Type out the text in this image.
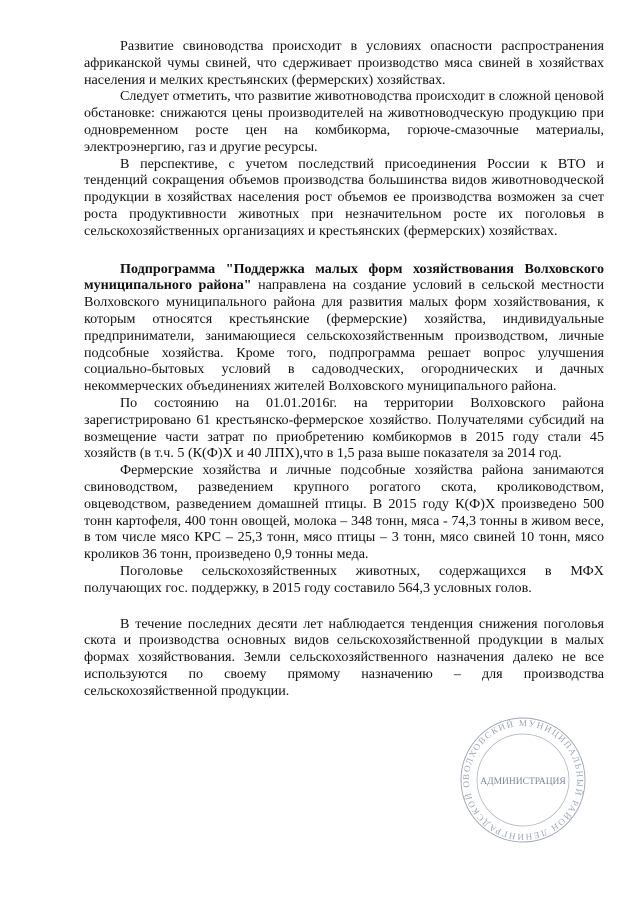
Развитие свиноводства происходит в условиях опасности распространения африканской чумы свиней, что сдерживает производство мяса свиней в хозяйствах населения и мелких крестьянских (фермерских) хозяйствах.

Следует отметить, что развитие животноводства происходит в сложной ценовой обстановке: снижаются цены производителей на животноводческую продукцию при одновременном росте цен на комбикорма, горюче-смазочные материалы, электроэнергию, газ и другие ресурсы.

В перспективе, с учетом последствий присоединения России к ВТО и тенденций сокращения объемов производства большинства видов животноводческой продукции в хозяйствах населения рост объемов ее производства возможен за счет роста продуктивности животных при незначительном росте их поголовья в сельскохозяйственных организациях и крестьянских (фермерских) хозяйствах.

Подпрограмма "Поддержка малых форм хозяйствования Волховского муниципального района" направлена на создание условий в сельской местности Волховского муниципального района для развития малых форм хозяйствования, к которым относятся крестьянские (фермерские) хозяйства, индивидуальные предприниматели, занимающиеся сельскохозяйственным производством, личные подсобные хозяйства. Кроме того, подпрограмма решает вопрос улучшения социально-бытовых условий в садоводческих, огороднических и дачных некоммерческих объединениях жителей Волховского муниципального района.

По состоянию на 01.01.2016г. на территории Волховского района зарегистрировано 61 крестьянско-фермерское хозяйство. Получателями субсидий на возмещение части затрат по приобретению комбикормов в 2015 году стали 45 хозяйств (в т.ч. 5 (К(Ф)Х и 40 ЛПХ),что в 1,5 раза выше показателя за 2014 год.

Фермерские хозяйства и личные подсобные хозяйства района занимаются свиноводством, разведением крупного рогатого скота, кролиководством, овцеводством, разведением домашней птицы. В 2015 году К(Ф)Х произведено 500 тонн картофеля, 400 тонн овощей, молока – 348 тонн, мяса - 74,3 тонны в живом весе, в том числе мясо КРС – 25,3 тонн, мясо птицы – 3 тонн, мясо свиней 10 тонн, мясо кроликов 36 тонн, произведено 0,9 тонны меда.

Поголовье сельскохозяйственных животных, содержащихся в МФХ получающих гос. поддержку, в 2015 году составило 564,3 условных голов.

В течение последних десяти лет наблюдается тенденция снижения поголовья скота и производства основных видов сельскохозяйственной продукции в малых формах хозяйствования. Земли сельскохозяйственного назначения далеко не все используются по своему прямому назначению – для производства сельскохозяйственной продукции.

ВОЛХОВСКИЙ МУНИЦИПАЛЬНЫЙ РАЙОН ЛЕНИНГРАДСКОЙ ОБЛАСТИ
АДМИНИСТРАЦИЯ
